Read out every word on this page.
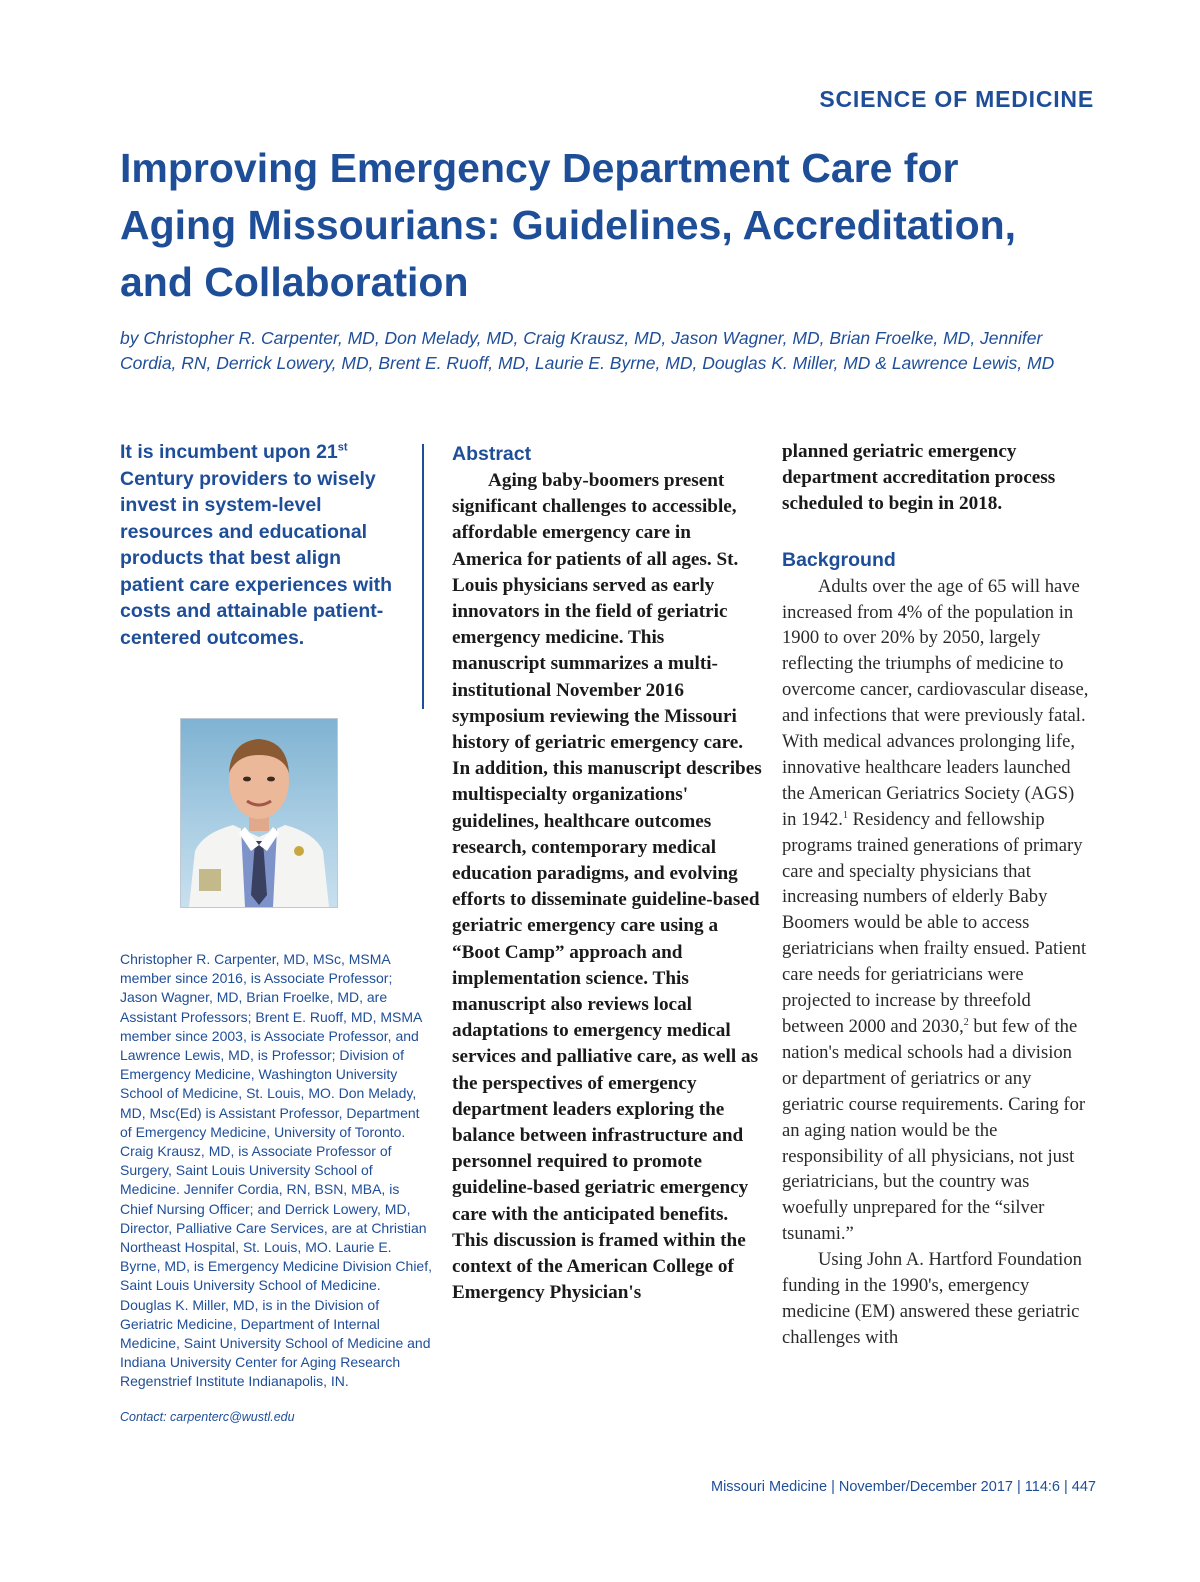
SCIENCE OF MEDICINE
Improving Emergency Department Care for Aging Missourians: Guidelines, Accreditation, and Collaboration

by Christopher R. Carpenter, MD, Don Melady, MD, Craig Krausz, MD, Jason Wagner, MD, Brian Froelke, MD, Jennifer Cordia, RN, Derrick Lowery, MD, Brent E. Ruoff, MD, Laurie E. Byrne, MD, Douglas K. Miller, MD & Lawrence Lewis, MD

It is incumbent upon 21st Century providers to wisely invest in system-level resources and educational products that best align patient care experiences with costs and attainable patient-centered outcomes.

Christopher R. Carpenter, MD, MSc, MSMA member since 2016, is Associate Professor; Jason Wagner, MD, Brian Froelke, MD, are Assistant Professors; Brent E. Ruoff, MD, MSMA member since 2003, is Associate Professor, and Lawrence Lewis, MD, is Professor; Division of Emergency Medicine, Washington University School of Medicine, St. Louis, MO. Don Melady, MD, Msc(Ed) is Assistant Professor, Department of Emergency Medicine, University of Toronto. Craig Krausz, MD, is Associate Professor of Surgery, Saint Louis University School of Medicine. Jennifer Cordia, RN, BSN, MBA, is Chief Nursing Officer; and Derrick Lowery, MD, Director, Palliative Care Services, are at Christian Northeast Hospital, St. Louis, MO. Laurie E. Byrne, MD, is Emergency Medicine Division Chief, Saint Louis University School of Medicine. Douglas K. Miller, MD, is in the Division of Geriatric Medicine, Department of Internal Medicine, Saint University School of Medicine and Indiana University Center for Aging Research Regenstrief Institute Indianapolis, IN.

Contact: carpenterc@wustl.edu
Abstract

Aging baby-boomers present significant challenges to accessible, affordable emergency care in America for patients of all ages. St. Louis physicians served as early innovators in the field of geriatric emergency medicine. This manuscript summarizes a multi-institutional November 2016 symposium reviewing the Missouri history of geriatric emergency care. In addition, this manuscript describes multispecialty organizations' guidelines, healthcare outcomes research, contemporary medical education paradigms, and evolving efforts to disseminate guideline-based geriatric emergency care using a “Boot Camp” approach and implementation science. This manuscript also reviews local adaptations to emergency medical services and palliative care, as well as the perspectives of emergency department leaders exploring the balance between infrastructure and personnel required to promote guideline-based geriatric emergency care with the anticipated benefits. This discussion is framed within the context of the American College of Emergency Physician's

planned geriatric emergency department accreditation process scheduled to begin in 2018.

Background

Adults over the age of 65 will have increased from 4% of the population in 1900 to over 20% by 2050, largely reflecting the triumphs of medicine to overcome cancer, cardiovascular disease, and infections that were previously fatal. With medical advances prolonging life, innovative healthcare leaders launched the American Geriatrics Society (AGS) in 1942.$^1$ Residency and fellowship programs trained generations of primary care and specialty physicians that increasing numbers of elderly Baby Boomers would be able to access geriatricians when frailty ensued. Patient care needs for geriatricians were projected to increase by threefold between 2000 and 2030,$^2$ but few of the nation's medical schools had a division or department of geriatrics or any geriatric course requirements. Caring for an aging nation would be the responsibility of all physicians, not just geriatricians, but the country was woefully unprepared for the “silver tsunami.”

Using John A. Hartford Foundation funding in the 1990's, emergency medicine (EM) answered these geriatric challenges with

Missouri Medicine | November/December 2017 | 114:6 | 447
